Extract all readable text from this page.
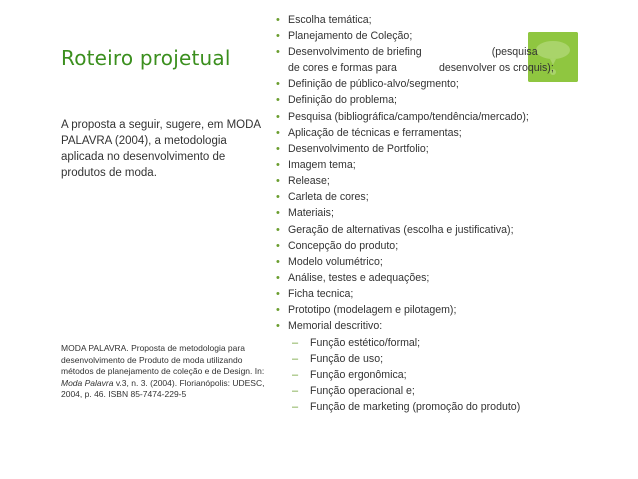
Roteiro projetual
A proposta a seguir, sugere, em MODA PALAVRA (2004), a metodologia aplicada no desenvolvimento de produtos de moda.
MODA PALAVRA. Proposta de metodologia para desenvolvimento de Produto de moda utilizando métodos de planejamento de coleção e de Design. In: Moda Palavra v.3, n. 3. (2004). Florianópolis: UDESC, 2004, p. 46. ISBN 85-7474-229-5
• Escolha temática;
• Planejamento de Coleção;
• Desenvolvimento de briefing	(pesquisa
de cores e formas para	desenvolver os croquis);
• Definição de público-alvo/segmento;
• Definição do problema;
• Pesquisa (bibliográfica/campo/tendência/mercado);
• Aplicação de técnicas e ferramentas;
• Desenvolvimento de Portfolio;
• Imagem tema;
• Release;
• Carleta de cores;
• Materiais;
• Geração de alternativas (escolha e justificativa);
• Concepção do produto;
• Modelo volumétrico;
• Análise, testes e adequações;
• Ficha tecnica;
• Prototipo (modelagem e pilotagem);
• Memorial descritivo:
– Função estético/formal;
– Função de uso;
– Função ergonômica;
– Função operacional e;
– Função de marketing (promoção do produto)
